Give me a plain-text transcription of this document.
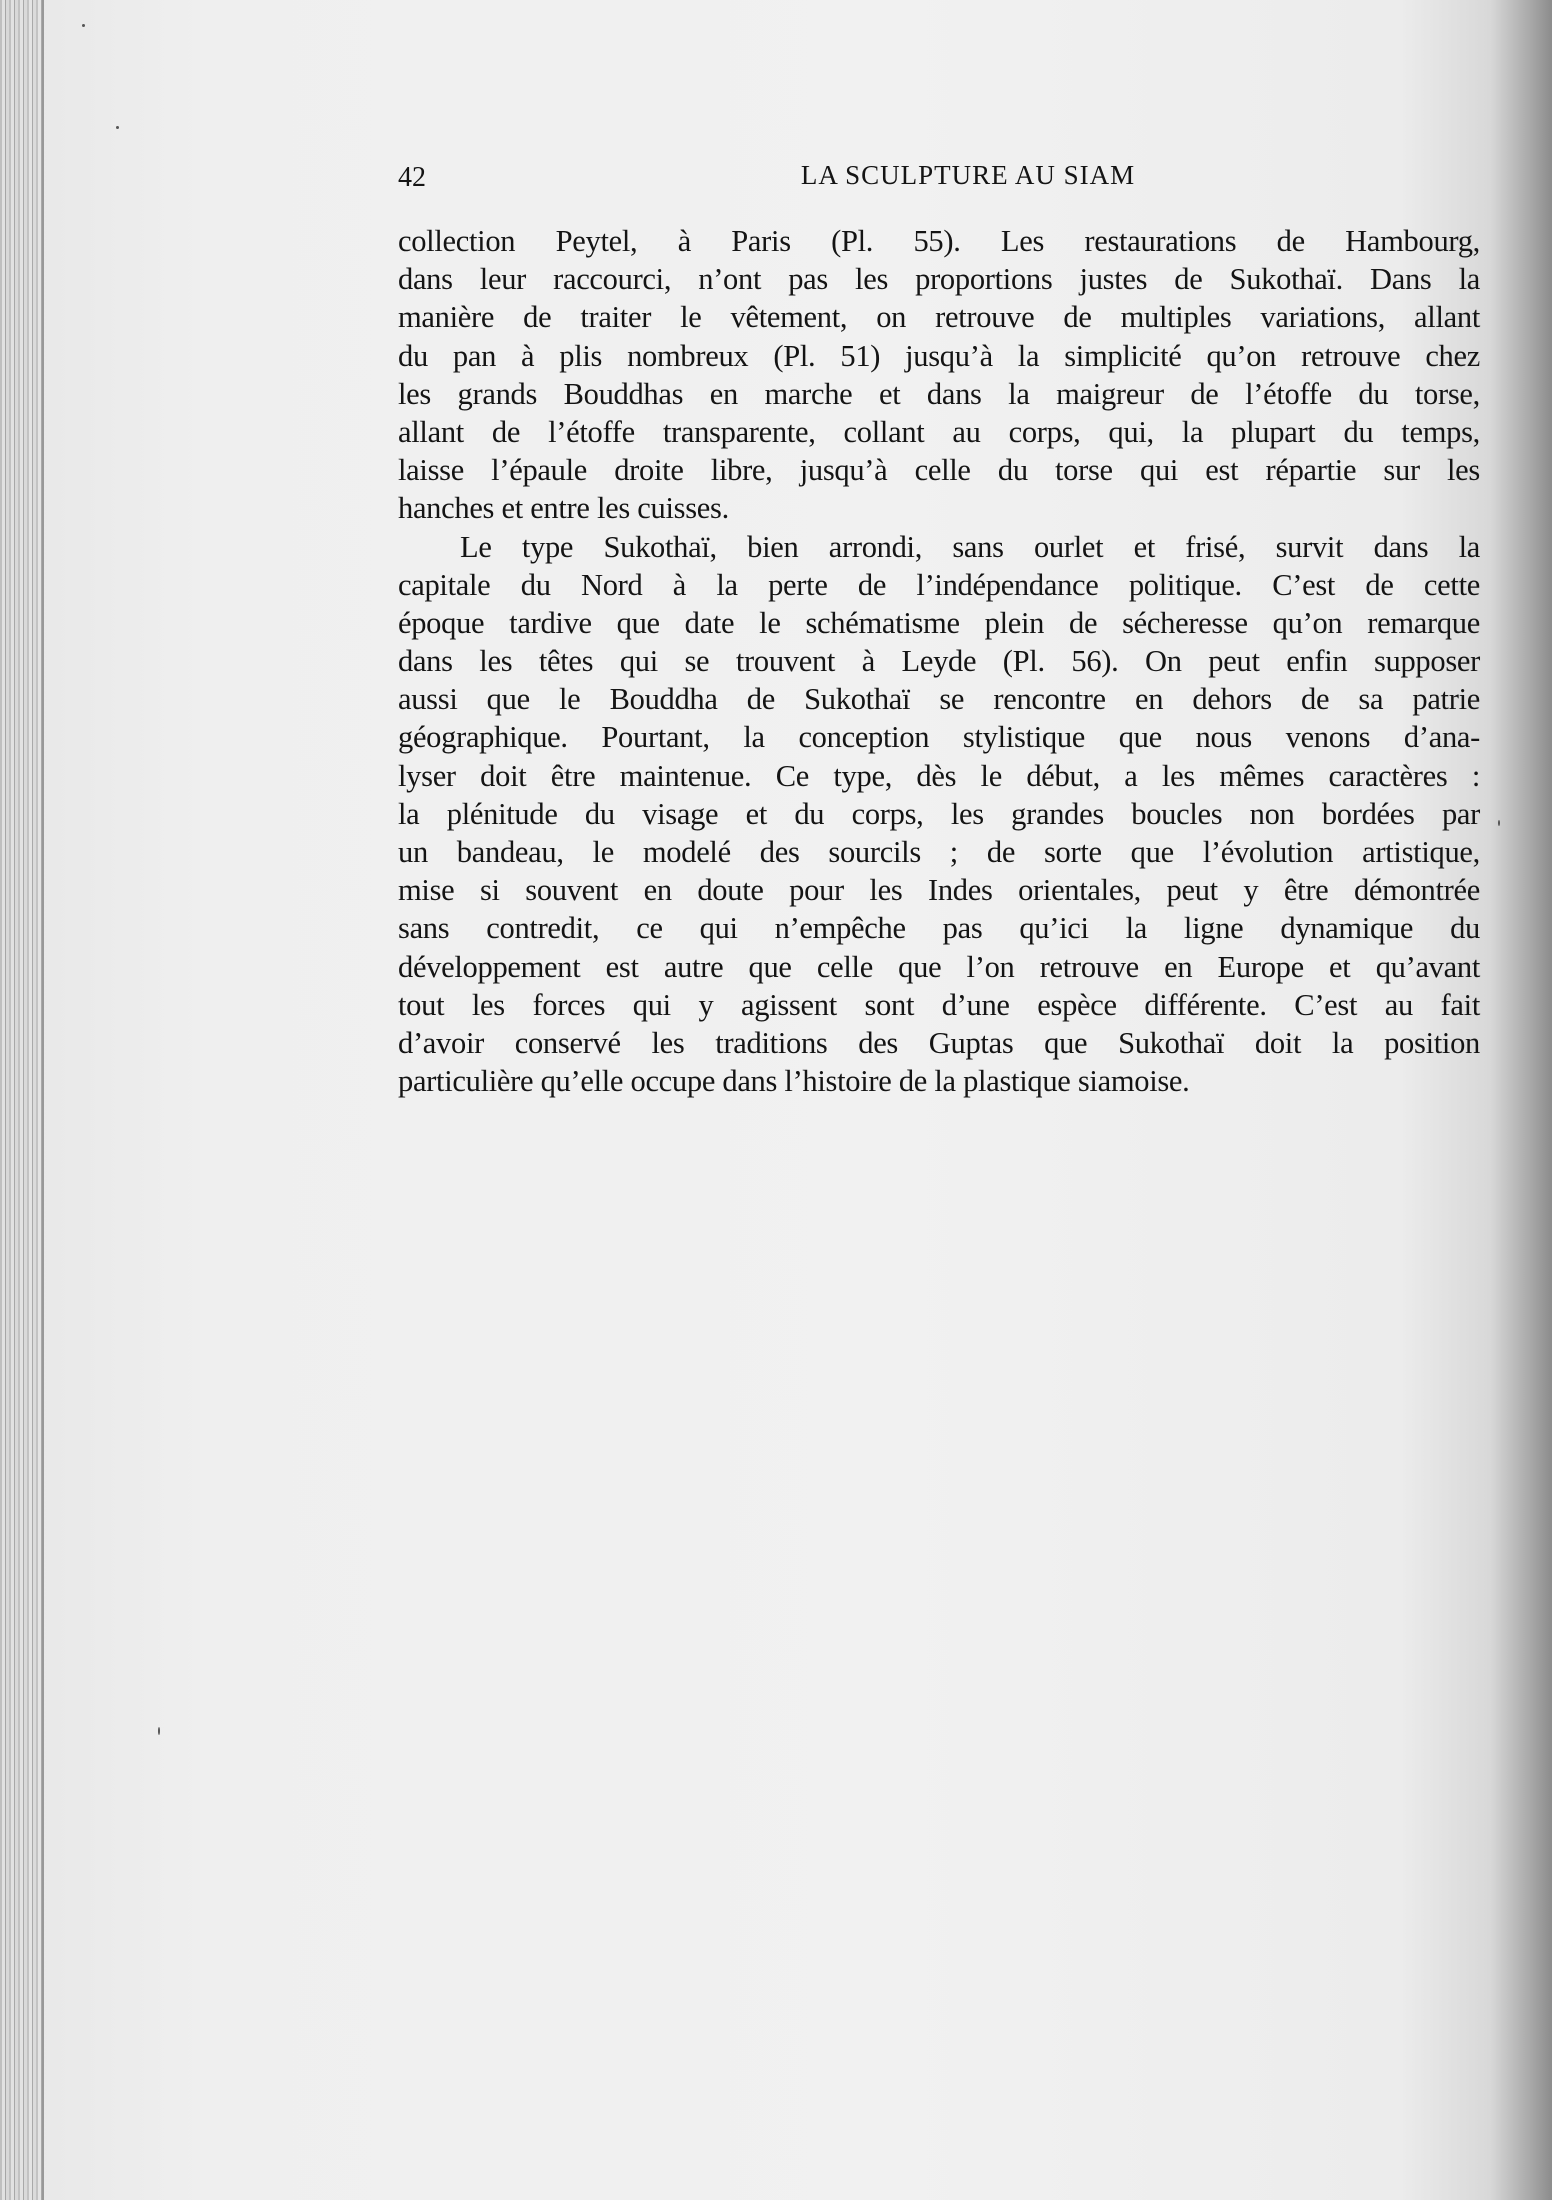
42	LA SCULPTURE AU SIAM
collection Peytel, à Paris (Pl. 55). Les restaurations de Hambourg,
dans leur raccourci, n’ont pas les proportions justes de Sukothaï. Dans la
manière de traiter le vêtement, on retrouve de multiples variations, allant
du pan à plis nombreux (Pl. 51) jusqu’à la simplicité qu’on retrouve chez
les grands Bouddhas en marche et dans la maigreur de l’étoffe du torse,
allant de l’étoffe transparente, collant au corps, qui, la plupart du temps,
laisse l’épaule droite libre, jusqu’à celle du torse qui est répartie sur les
hanches et entre les cuisses.
Le type Sukothaï, bien arrondi, sans ourlet et frisé, survit dans la
capitale du Nord à la perte de l’indépendance politique. C’est de cette
époque tardive que date le schématisme plein de sécheresse qu’on remarque
dans les têtes qui se trouvent à Leyde (Pl. 56). On peut enfin supposer
aussi que le Bouddha de Sukothaï se rencontre en dehors de sa patrie
géographique. Pourtant, la conception stylistique que nous venons d’ana-
lyser doit être maintenue. Ce type, dès le début, a les mêmes caractères :
la plénitude du visage et du corps, les grandes boucles non bordées par
un bandeau, le modelé des sourcils ; de sorte que l’évolution artistique,
mise si souvent en doute pour les Indes orientales, peut y être démontrée
sans contredit, ce qui n’empêche pas qu’ici la ligne dynamique du
développement est autre que celle que l’on retrouve en Europe et qu’avant
tout les forces qui y agissent sont d’une espèce différente. C’est au fait
d’avoir conservé les traditions des Guptas que Sukothaï doit la position
particulière qu’elle occupe dans l’histoire de la plastique siamoise.
